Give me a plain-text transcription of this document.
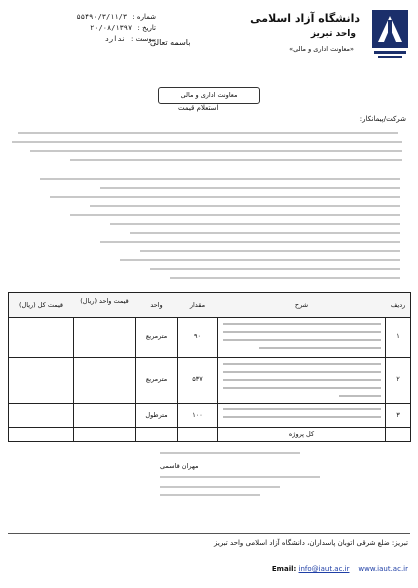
دانشگاه آزاد اسلامی
واحد تبریز
«معاونت اداری و مالی»
باسمه تعالی
شماره : ۵۵۴۹۰/۳/۱۱/۳
تاریخ : ۲۰/۰۸/۱۳۹۷
پیوست : ندارد
معاونت اداری و مالی
استعلام قیمت
شرکت/پیمانکار:
ردیف
شرح
مقدار
واحد
قیمت واحد (ریال)
قیمت کل (ریال)
۱
۹۰
مترمربع
۲
۵۳۷
مترمربع
۳
۱۰۰
مترطول
کل پروژه
مهران قاسمی
تبریز: ضلع شرقی اتوبان پاسداران، دانشگاه آزاد اسلامی واحد تبریز
Email: info@iaut.ac.ir www.iaut.ac.ir
